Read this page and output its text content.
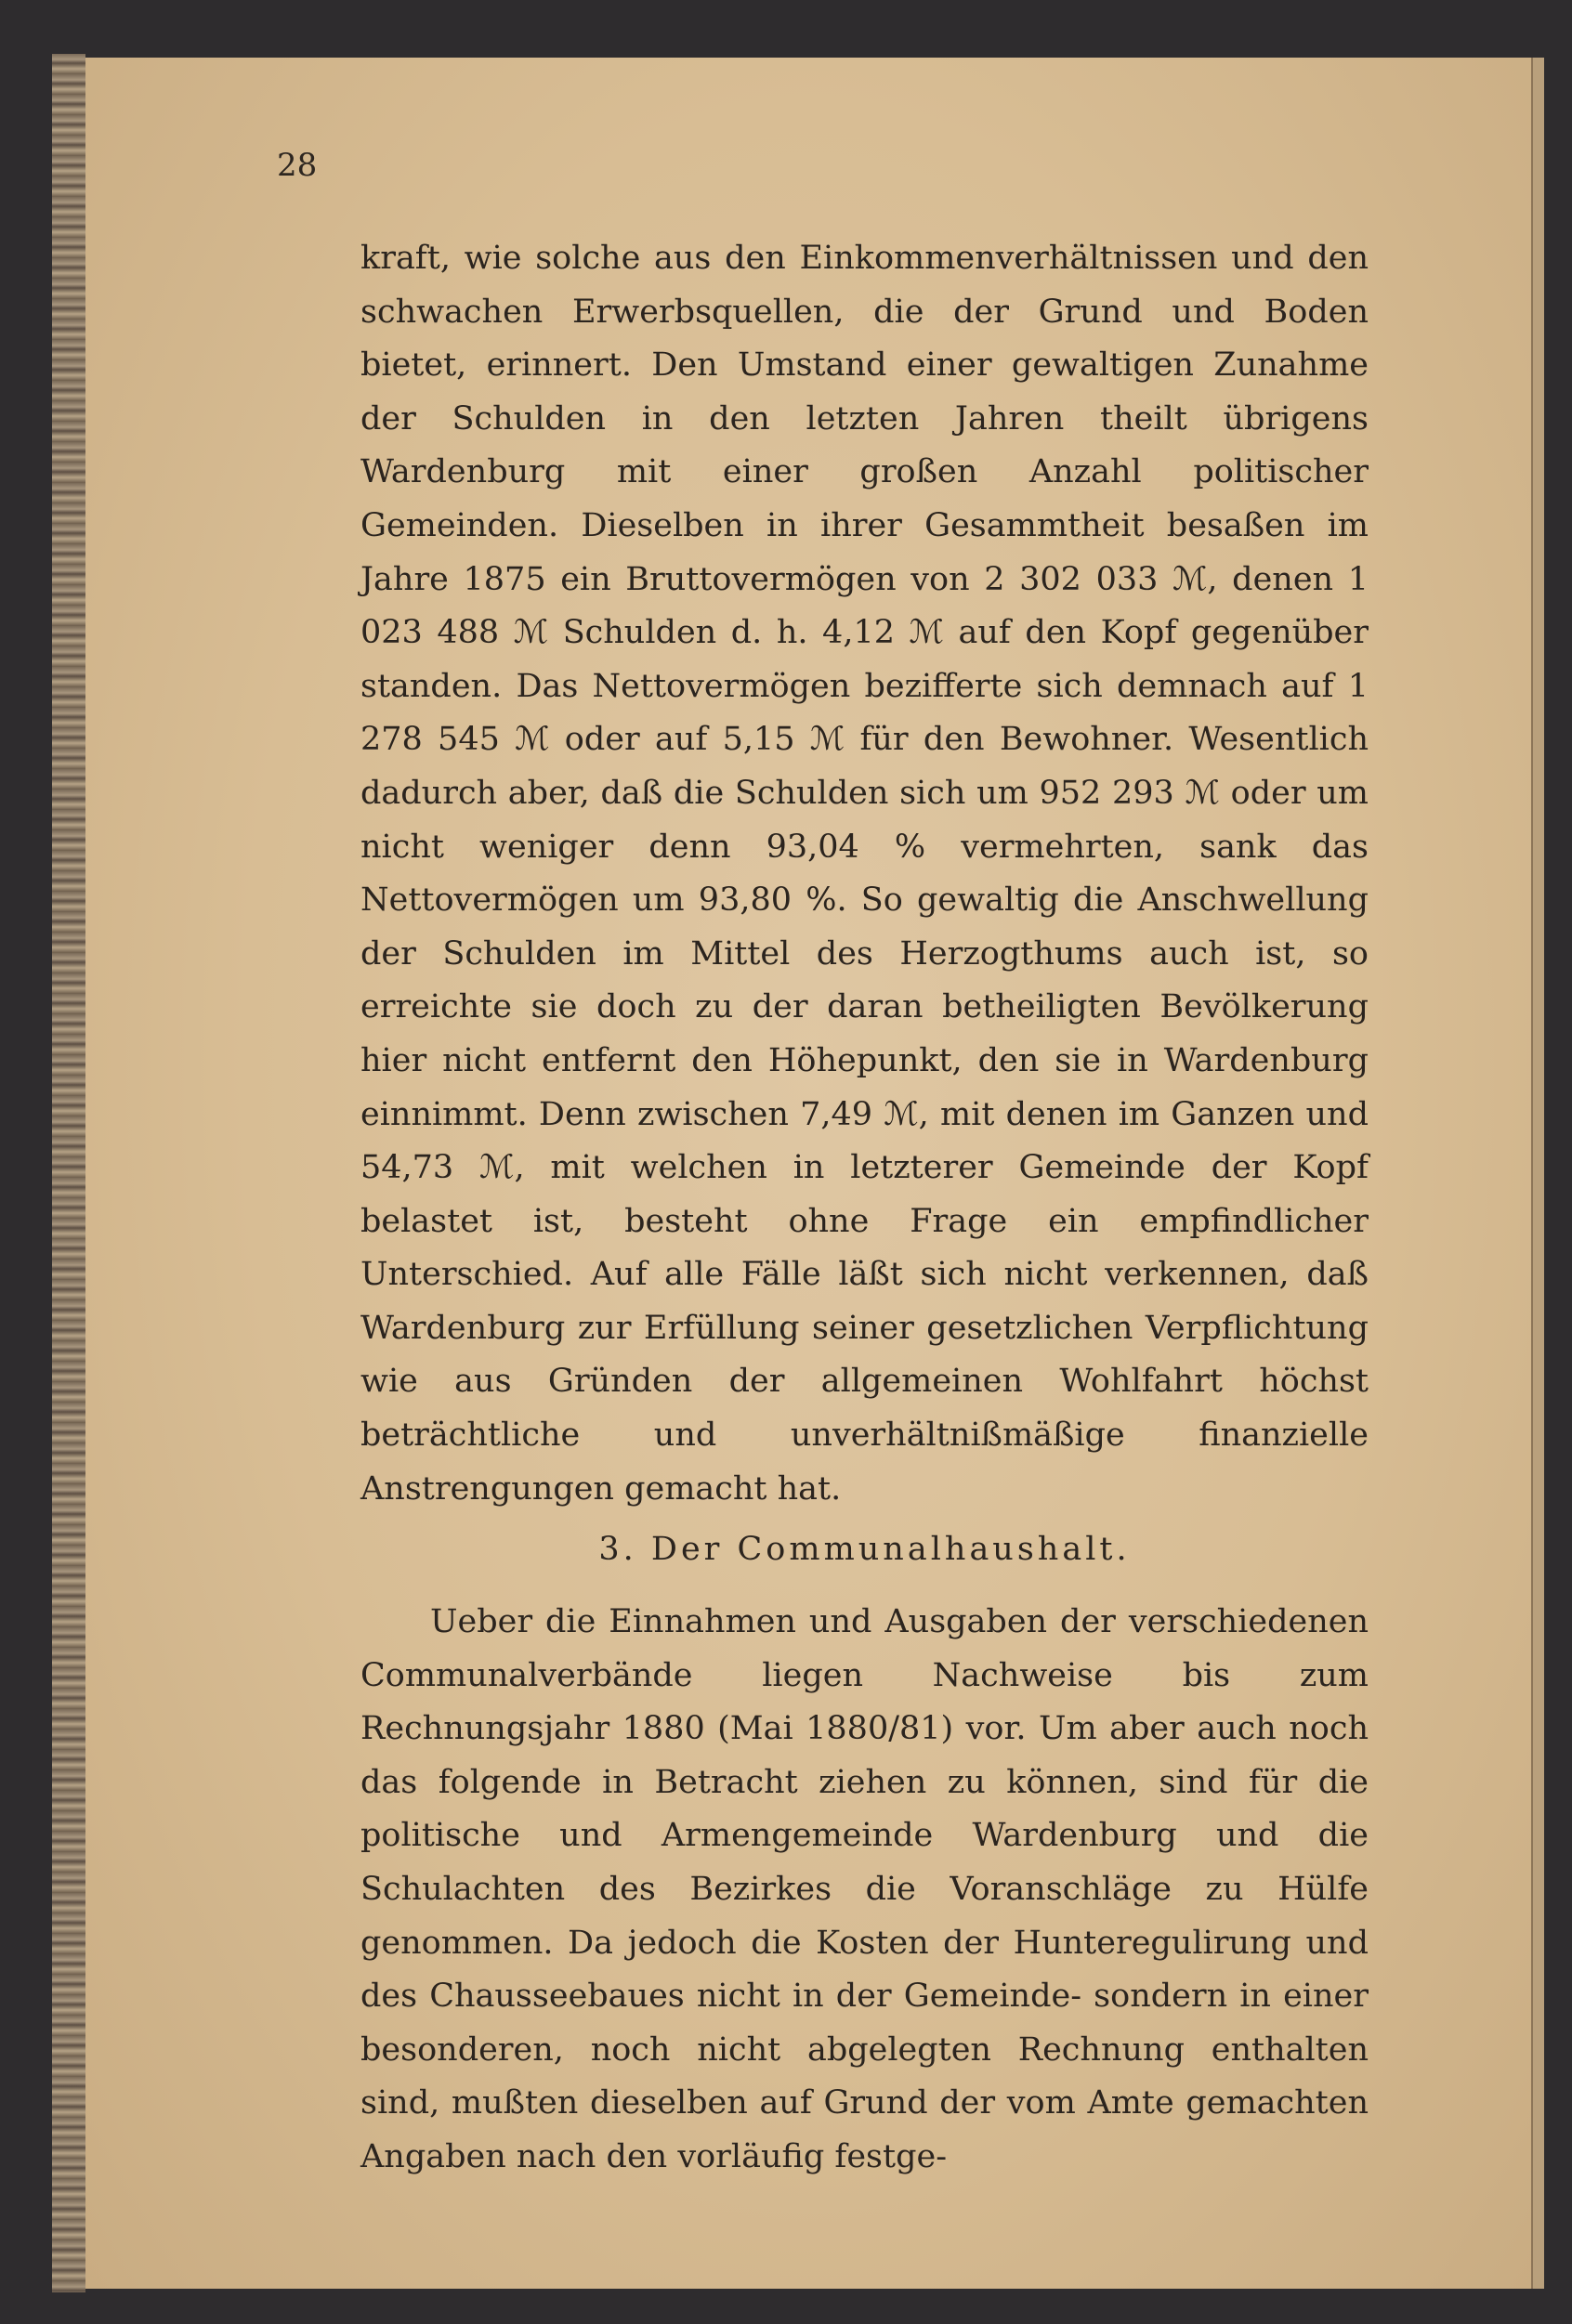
28

kraft, wie solche aus den Einkommenverhältnissen und den schwachen Erwerbsquellen, die der Grund und Boden bietet, erinnert. Den Umstand einer gewaltigen Zunahme der Schulden in den letzten Jahren theilt übrigens Wardenburg mit einer großen Anzahl politischer Gemeinden. Dieselben in ihrer Gesammtheit besaßen im Jahre 1875 ein Bruttovermögen von 2 302 033 ℳ, denen 1 023 488 ℳ Schulden d. h. 4,12 ℳ auf den Kopf gegenüber standen. Das Nettovermögen bezifferte sich demnach auf 1 278 545 ℳ oder auf 5,15 ℳ für den Bewohner. Wesentlich dadurch aber, daß die Schulden sich um 952 293 ℳ oder um nicht weniger denn 93,04 % vermehrten, sank das Nettovermögen um 93,80 %. So gewaltig die Anschwellung der Schulden im Mittel des Herzogthums auch ist, so erreichte sie doch zu der daran betheiligten Bevölkerung hier nicht entfernt den Höhepunkt, den sie in Wardenburg einnimmt. Denn zwischen 7,49 ℳ, mit denen im Ganzen und 54,73 ℳ, mit welchen in letzterer Gemeinde der Kopf belastet ist, besteht ohne Frage ein empfindlicher Unterschied. Auf alle Fälle läßt sich nicht verkennen, daß Wardenburg zur Erfüllung seiner gesetzlichen Verpflichtung wie aus Gründen der allgemeinen Wohlfahrt höchst beträchtliche und unverhältnißmäßige finanzielle Anstrengungen gemacht hat.

3. Der Communalhaushalt.

Ueber die Einnahmen und Ausgaben der verschiedenen Communalverbände liegen Nachweise bis zum Rechnungsjahr 1880 (Mai 1880/81) vor. Um aber auch noch das folgende in Betracht ziehen zu können, sind für die politische und Armengemeinde Wardenburg und die Schulachten des Bezirkes die Voranschläge zu Hülfe genommen. Da jedoch die Kosten der Hunteregulirung und des Chausseebaues nicht in der Gemeinde- sondern in einer besonderen, noch nicht abgelegten Rechnung enthalten sind, mußten dieselben auf Grund der vom Amte gemachten Angaben nach den vorläufig festge-
